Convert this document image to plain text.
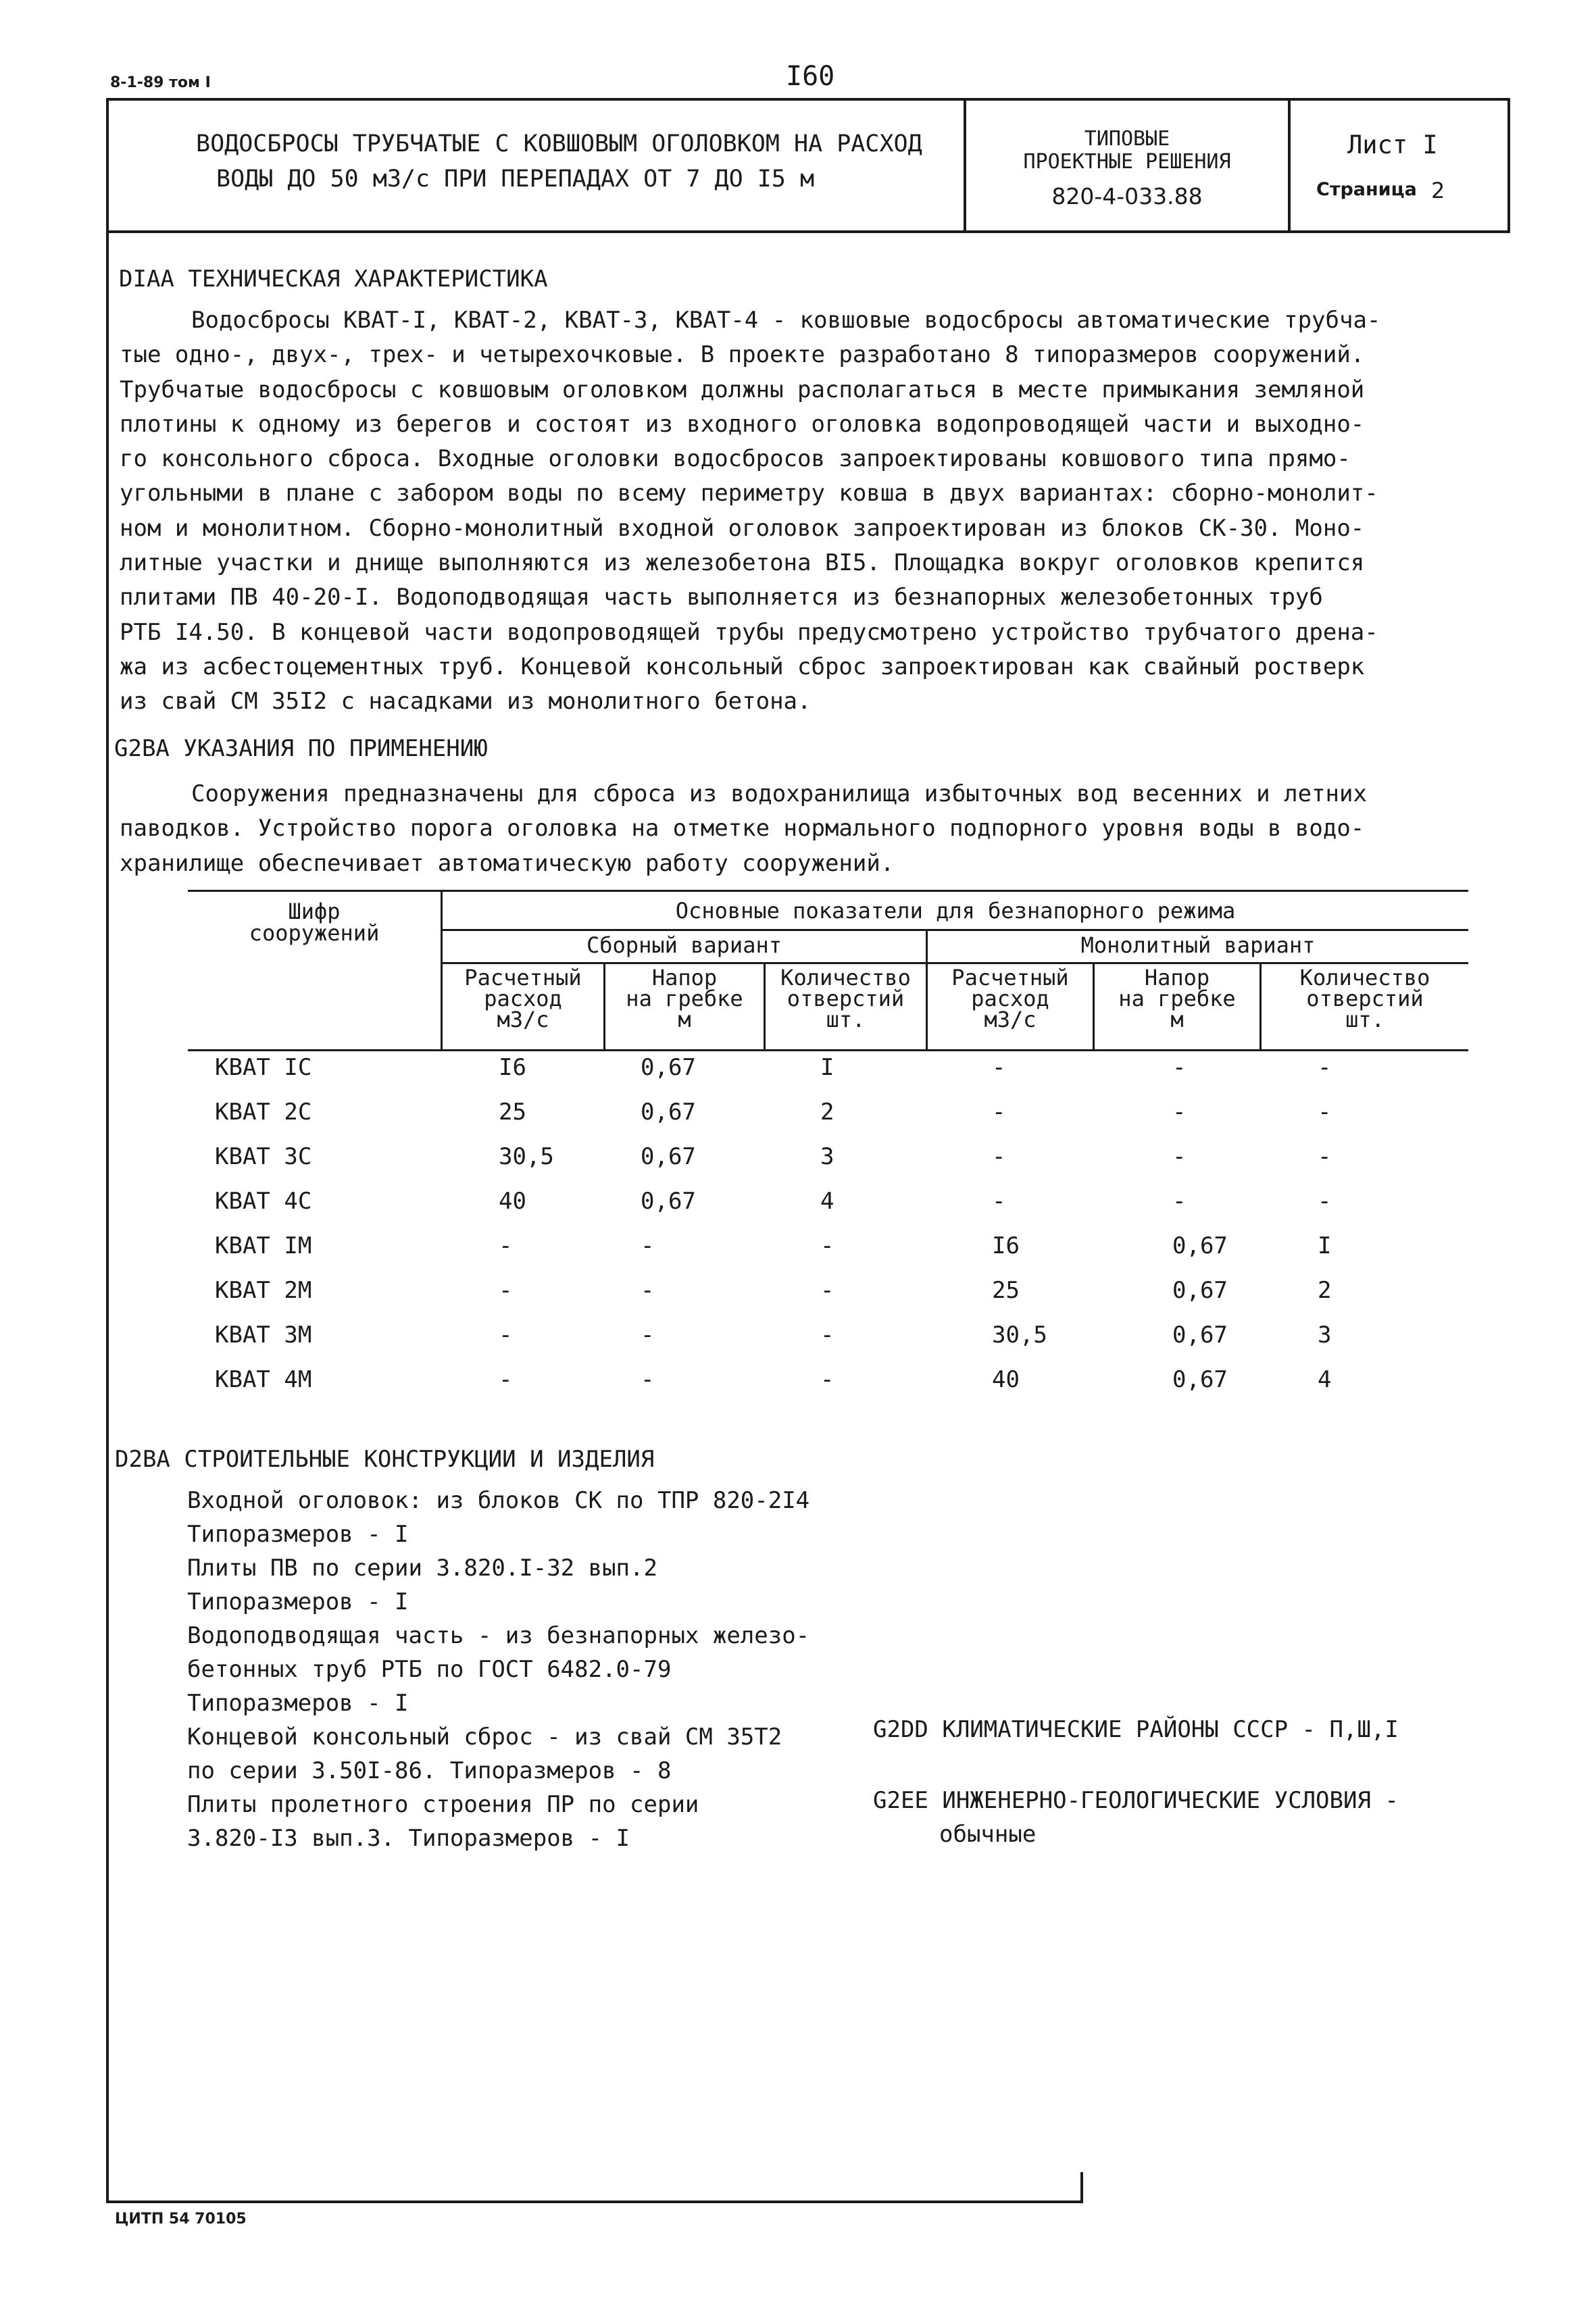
8-1-89 том I	I60
ВОДОСБРОСЫ ТРУБЧАТЫЕ С КОВШОВЫМ ОГОЛОВКОМ НА РАСХОД
ВОДЫ ДО 50 м3/с ПРИ ПЕРЕПАДАХ ОТ 7 ДО I5 м
ТИПОВЫЕ
ПРОЕКТНЫЕ РЕШЕНИЯ
820-4-033.88
Лист I
Страница 2
DIAA ТЕХНИЧЕСКАЯ ХАРАКТЕРИСТИКА
Водосбросы КВАТ-I, КВАТ-2, КВАТ-3, КВАТ-4 - ковшовые водосбросы автоматические трубча-
тые одно-, двух-, трех- и четырехочковые. В проекте разработано 8 типоразмеров сооружений.
Трубчатые водосбросы с ковшовым оголовком должны располагаться в месте примыкания земляной
плотины к одному из берегов и состоят из входного оголовка водопроводящей части и выходно-
го консольного сброса. Входные оголовки водосбросов запроектированы ковшового типа прямо-
угольными в плане с забором воды по всему периметру ковша в двух вариантах: сборно-монолит-
ном и монолитном. Сборно-монолитный входной оголовок запроектирован из блоков СК-30. Моно-
литные участки и днище выполняются из железобетона BI5. Площадка вокруг оголовков крепится
плитами ПВ 40-20-I. Водоподводящая часть выполняется из безнапорных железобетонных труб
РТБ I4.50. В концевой части водопроводящей трубы предусмотрено устройство трубчатого дрена-
жа из асбестоцементных труб. Концевой консольный сброс запроектирован как свайный ростверк
из свай СМ 35I2 с насадками из монолитного бетона.
G2BA УКАЗАНИЯ ПО ПРИМЕНЕНИЮ
Сооружения предназначены для сброса из водохранилища избыточных вод весенних и летних
паводков. Устройство порога оголовка на отметке нормального подпорного уровня воды в водо-
хранилище обеспечивает автоматическую работу сооружений.
Шифр
сооружений
Основные показатели для безнапорного режима
Сборный вариант	Монолитный вариант
Расчетный
расход
м3/с
Напор
на гребке
м
Количество
отверстий
шт.
Расчетный
расход
м3/с
Напор
на гребке
м
Количество
отверстий
шт.
КВАТ IC	I6	0,67	I	-	-	-
КВАТ 2С	25	0,67	2	-	-	-
КВАТ 3С	30,5	0,67	3	-	-	-
КВАТ 4С	40	0,67	4	-	-	-
КВАТ IM	-	-	-	I6	0,67	I
КВАТ 2М	-	-	-	25	0,67	2
КВАТ 3М	-	-	-	30,5	0,67	3
КВАТ 4М	-	-	-	40	0,67	4
D2BA СТРОИТЕЛЬНЫЕ КОНСТРУКЦИИ И ИЗДЕЛИЯ
Входной оголовок: из блоков СК по ТПР 820-2I4
Типоразмеров - I
Плиты ПВ по серии 3.820.I-32 вып.2
Типоразмеров - I
Водоподводящая часть - из безнапорных железо-
бетонных труб РТБ по ГОСТ 6482.0-79
Типоразмеров - I
Концевой консольный сброс - из свай СМ 35Т2
по серии 3.50I-86. Типоразмеров - 8
Плиты пролетного строения ПР по серии
3.820-I3 вып.3. Типоразмеров - I
G2DD КЛИМАТИЧЕСКИЕ РАЙОНЫ СССР - П,Ш,I
G2EE ИНЖЕНЕРНО-ГЕОЛОГИЧЕСКИЕ УСЛОВИЯ -
обычные
ЦИТП 54 70105
